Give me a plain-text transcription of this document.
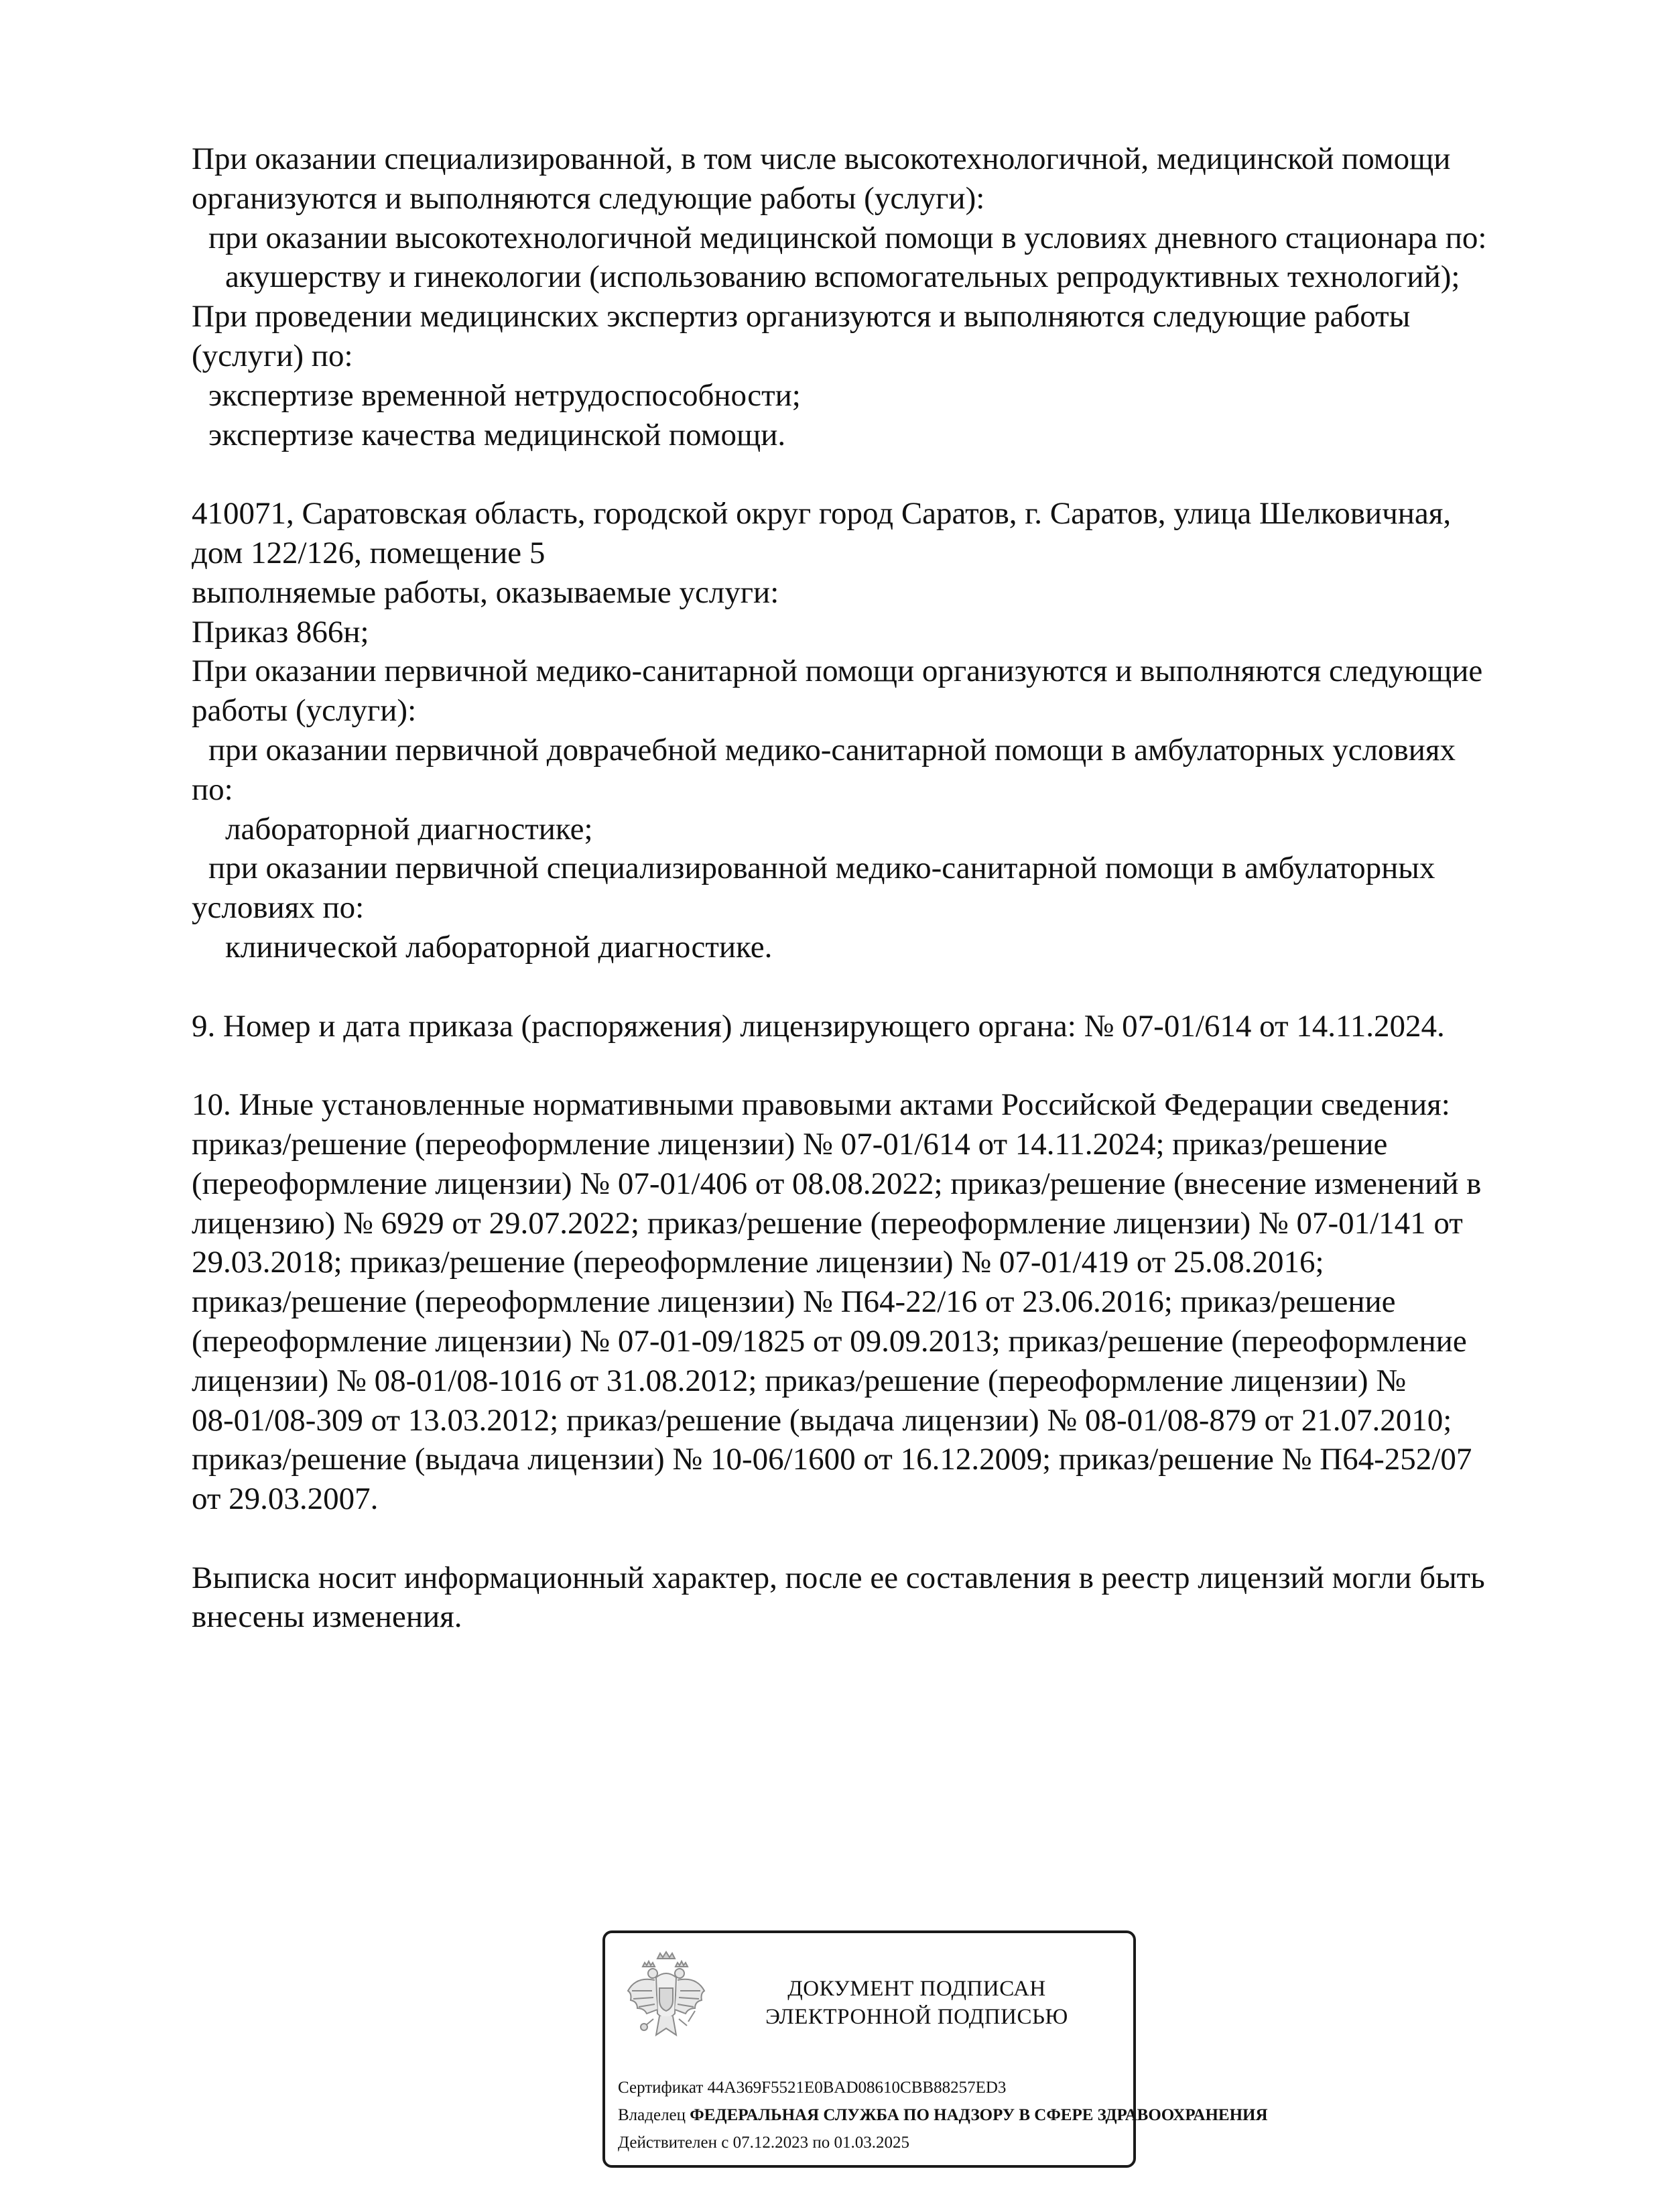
При оказании специализированной, в том числе высокотехнологичной, медицинской помощи
организуются и выполняются следующие работы (услуги):
при оказании высокотехнологичной медицинской помощи в условиях дневного стационара по:
акушерству и гинекологии (использованию вспомогательных репродуктивных технологий);
При проведении медицинских экспертиз организуются и выполняются следующие работы
(услуги) по:
экспертизе временной нетрудоспособности;
экспертизе качества медицинской помощи.
410071, Саратовская область, городской округ город Саратов, г. Саратов, улица Шелковичная,
дом 122/126, помещение 5
выполняемые работы, оказываемые услуги:
Приказ 866н;
При оказании первичной медико-санитарной помощи организуются и выполняются следующие
работы (услуги):
при оказании первичной доврачебной медико-санитарной помощи в амбулаторных условиях
по:
лабораторной диагностике;
при оказании первичной специализированной медико-санитарной помощи в амбулаторных
условиях по:
клинической лабораторной диагностике.
9. Номер и дата приказа (распоряжения) лицензирующего органа: № 07-01/614 от 14.11.2024.
10. Иные установленные нормативными правовыми актами Российской Федерации сведения:
приказ/решение (переоформление лицензии) № 07-01/614 от 14.11.2024; приказ/решение
(переоформление лицензии) № 07-01/406 от 08.08.2022; приказ/решение (внесение изменений в
лицензию) № 6929 от 29.07.2022; приказ/решение (переоформление лицензии) № 07-01/141 от
29.03.2018; приказ/решение (переоформление лицензии) № 07-01/419 от 25.08.2016;
приказ/решение (переоформление лицензии) № П64-22/16 от 23.06.2016; приказ/решение
(переоформление лицензии) № 07-01-09/1825 от 09.09.2013; приказ/решение (переоформление
лицензии) № 08-01/08-1016 от 31.08.2012; приказ/решение (переоформление лицензии) №
08-01/08-309 от 13.03.2012; приказ/решение (выдача лицензии) № 08-01/08-879 от 21.07.2010;
приказ/решение (выдача лицензии) № 10-06/1600 от 16.12.2009; приказ/решение № П64-252/07
от 29.03.2007.
Выписка носит информационный характер, после ее составления в реестр лицензий могли быть
внесены изменения.
ДОКУМЕНТ ПОДПИСАН
ЭЛЕКТРОННОЙ ПОДПИСЬЮ
Сертификат 44A369F5521E0BAD08610CBB88257ED3
Владелец ФЕДЕРАЛЬНАЯ СЛУЖБА ПО НАДЗОРУ В СФЕРЕ ЗДРАВООХРАНЕНИЯ
Действителен с 07.12.2023 по 01.03.2025
